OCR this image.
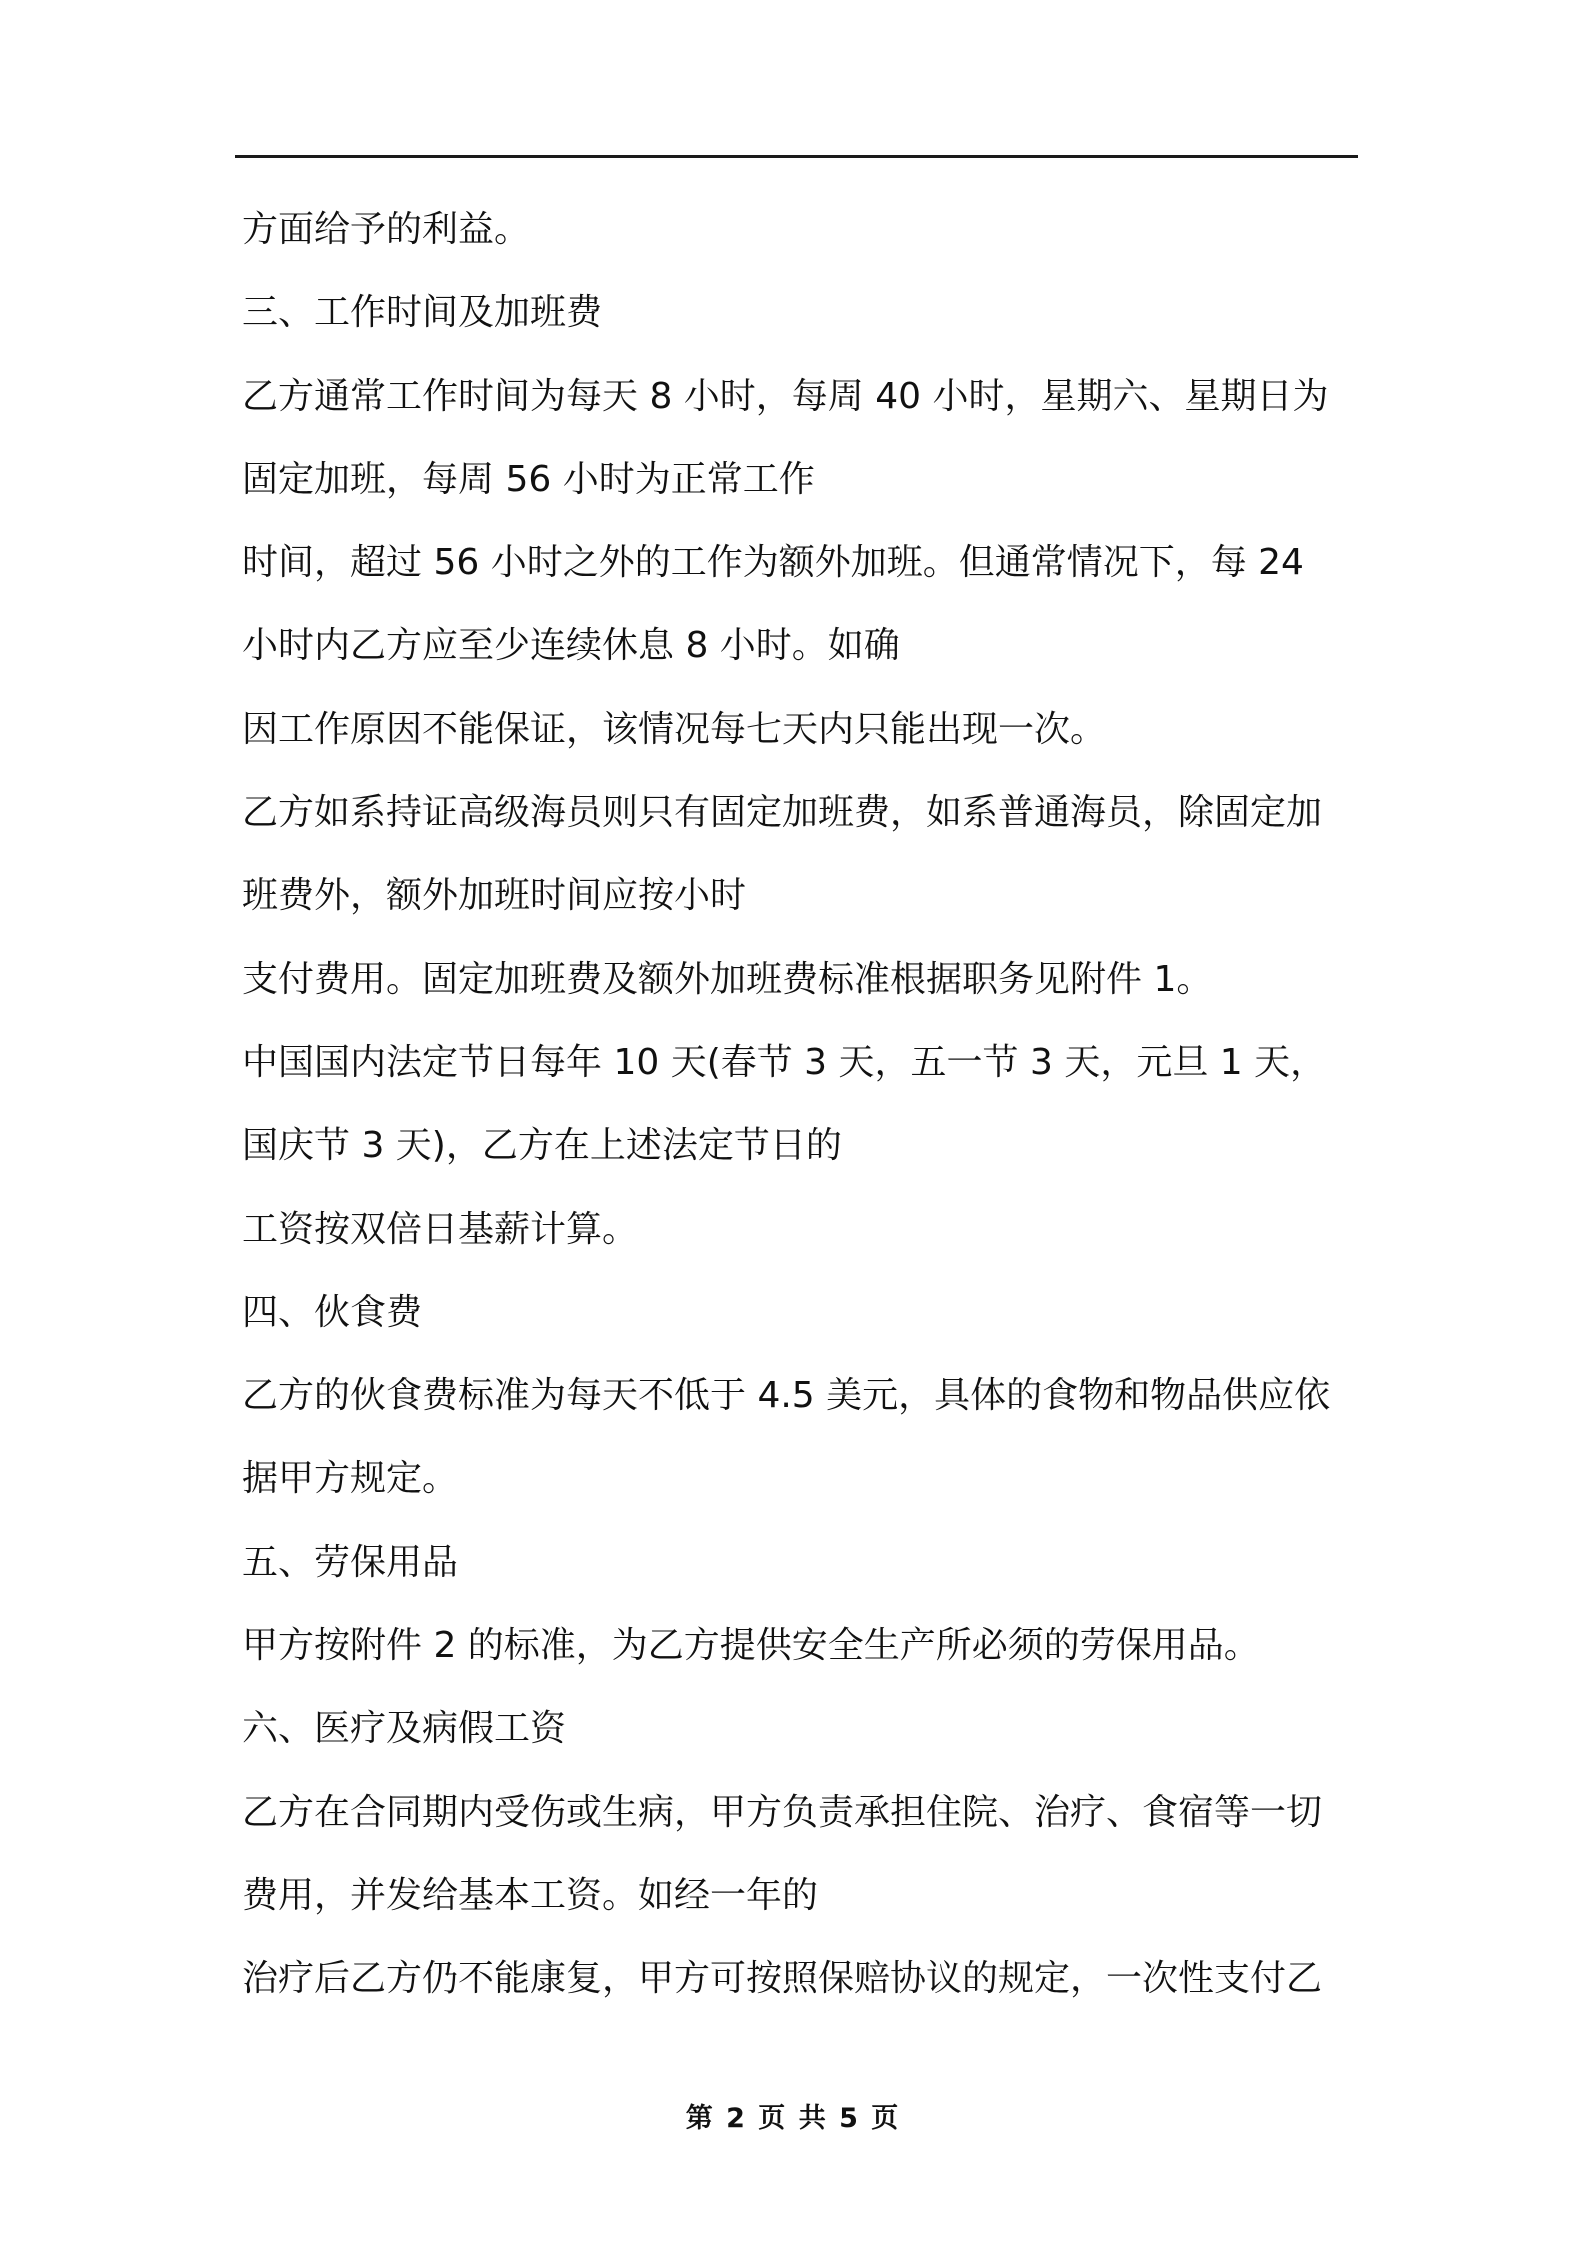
方面给予的利益。
三、工作时间及加班费
乙方通常工作时间为每天 8 小时，每周 40 小时，星期六、星期日为
固定加班，每周 56 小时为正常工作
时间，超过 56 小时之外的工作为额外加班。但通常情况下，每 24
小时内乙方应至少连续休息 8 小时。如确
因工作原因不能保证，该情况每七天内只能出现一次。
乙方如系持证高级海员则只有固定加班费，如系普通海员，除固定加
班费外，额外加班时间应按小时
支付费用。固定加班费及额外加班费标准根据职务见附件 1。
中国国内法定节日每年 10 天(春节 3 天，五一节 3 天，元旦 1 天，
国庆节 3 天)，乙方在上述法定节日的
工资按双倍日基薪计算。
四、伙食费
乙方的伙食费标准为每天不低于 4.5 美元，具体的食物和物品供应依
据甲方规定。
五、劳保用品
甲方按附件 2 的标准，为乙方提供安全生产所必须的劳保用品。
六、医疗及病假工资
乙方在合同期内受伤或生病，甲方负责承担住院、治疗、食宿等一切
费用，并发给基本工资。如经一年的
治疗后乙方仍不能康复，甲方可按照保赔协议的规定，一次性支付乙
第 2 页 共 5 页
